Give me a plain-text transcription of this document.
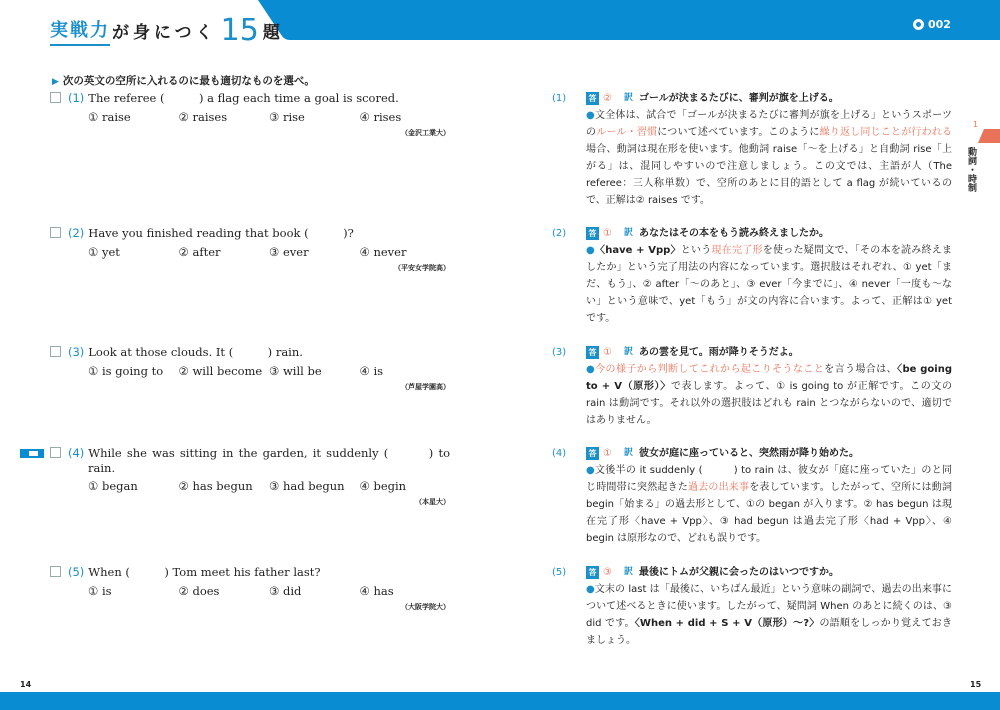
実戦力 が身につく 15 題	002
▶ 次の英文の空所に入れるのに最も適切なものを選べ。
(1) The referee (　　　) a flag each time a goal is scored.
① raise	② raises	③ rise	④ rises
（金沢工業大）
(2) Have you finished reading that book (　　　)?
① yet	② after	③ ever	④ never
（平安女学院高）
(3) Look at those clouds. It (　　　) rain.
① is going to	② will become ③ will be	④ is
（芦屋学園高）
(4) While she was sitting in the garden, it suddenly (　　　) to
rain.
① began	② has begun	③ had begun	④ begin
（本星大）
(5) When (　　　) Tom meet his father last?
① is	② does	③ did	④ has
（大阪学院大）
(1)	答 ② 訳 ゴールが決まるたびに、審判が旗を上げる。
●文全体は、試合で「ゴールが決まるたびに審判が旗を上げる」というスポーツのルール・習慣について述べています。このように繰り返し同じことが行われる場合、動詞は現在形を使います。他動詞 raise「～を上げる」と自動詞 rise「上がる」は、混同しやすいので注意しましょう。この文では、主語が人（The referee：三人称単数）で、空所のあとに目的語として a flag が続いているので、正解は② raises です。
(2)	答 ① 訳 あなたはその本をもう読み終えましたか。
●〈have + Vpp〉という現在完了形を使った疑問文で、「その本を読み終えましたか」という完了用法の内容になっています。選択肢はそれぞれ、① yet「まだ、もう」、② after「～のあと」、③ ever「今までに」、④ never「一度も～ない」という意味で、yet「もう」が文の内容に合います。よって、正解は① yet です。
(3)	答 ① 訳 あの雲を見て。雨が降りそうだよ。
●今の様子から判断してこれから起こりそうなことを言う場合は、〈be going to + V（原形）〉で表します。よって、① is going to が正解です。この文の rain は動詞です。それ以外の選択肢はどれも rain とつながらないので、適切ではありません。
(4)	答 ① 訳 彼女が庭に座っていると、突然雨が降り始めた。
●文後半の it suddenly (　　　) to rain は、彼女が「庭に座っていた」のと同じ時間帯に突然起きた過去の出来事を表しています。したがって、空所には動詞 begin「始まる」の過去形として、①の began が入ります。② has begun は現在完了形〈have + Vpp〉、③ had begun は過去完了形〈had + Vpp〉、④ begin は原形なので、どれも誤りです。
(5)	答 ③ 訳 最後にトムが父親に会ったのはいつですか。
●文末の last は「最後に、いちばん最近」という意味の副詞で、過去の出来事について述べるときに使います。したがって、疑問詞 When のあとに続くのは、③ did です。〈When + did + S + V（原形）～?〉の語順をしっかり覚えておきましょう。
1
動詞・時制
14	15
